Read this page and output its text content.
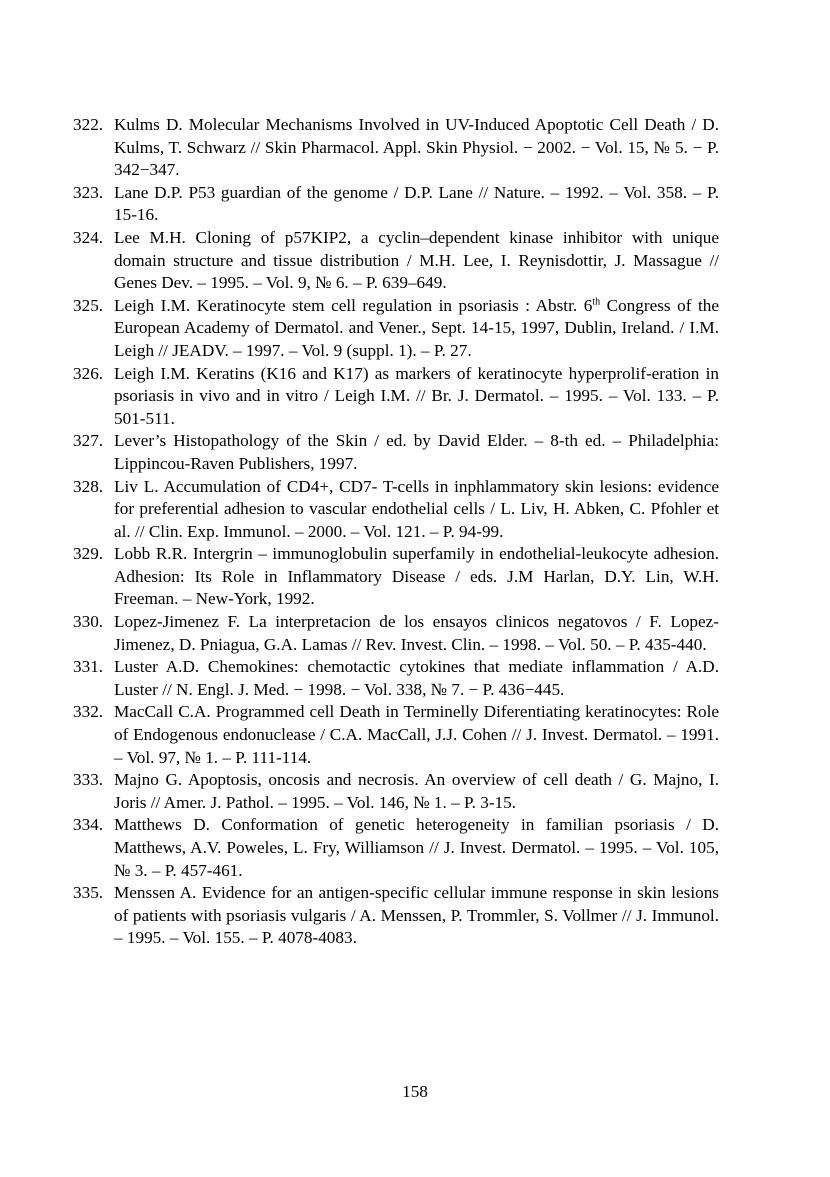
322. Kulms D. Molecular Mechanisms Involved in UV-Induced Apoptotic Cell Death / D. Kulms, T. Schwarz // Skin Pharmacol. Appl. Skin Physiol. − 2002. − Vol. 15, № 5. − P. 342−347.
323. Lane D.P. P53 guardian of the genome / D.P. Lane // Nature. – 1992. – Vol. 358. – P. 15-16.
324. Lee M.H. Cloning of p57KIP2, a cyclin–dependent kinase inhibitor with unique domain structure and tissue distribution / M.H. Lee, I. Reynisdottir, J. Massague // Genes Dev. – 1995. – Vol. 9, № 6. – P. 639–649.
325. Leigh I.M. Keratinocyte stem cell regulation in psoriasis : Abstr. 6th Congress of the European Academy of Dermatol. and Vener., Sept. 14-15, 1997, Dublin, Ireland. / I.M. Leigh // JEADV. – 1997. – Vol. 9 (suppl. 1). – P. 27.
326. Leigh I.M. Keratins (K16 and K17) as markers of keratinocyte hyperprolif-eration in psoriasis in vivo and in vitro / Leigh I.M. // Br. J. Dermatol. – 1995. – Vol. 133. – P. 501-511.
327. Lever’s Histopathology of the Skin / ed. by David Elder. – 8-th ed. – Philadelphia: Lippincou-Raven Publishers, 1997.
328. Liv L. Accumulation of CD4+, CD7- T-cells in inphlammatory skin lesions: evidence for preferential adhesion to vascular endothelial cells / L. Liv, H. Abken, C. Pfohler et al. // Clin. Exp. Immunol. – 2000. – Vol. 121. – P. 94-99.
329. Lobb R.R. Intergrin – immunoglobulin superfamily in endothelial-leukocyte adhesion. Adhesion: Its Role in Inflammatory Disease / eds. J.M Harlan, D.Y. Lin, W.H. Freeman. – New-York, 1992.
330. Lopez-Jimenez F. La interpretacion de los ensayos clinicos negatovos / F. Lopez-Jimenez, D. Pniagua, G.A. Lamas // Rev. Invest. Clin. – 1998. – Vol. 50. – P. 435-440.
331. Luster A.D. Chemokines: chemotactic cytokines that mediate inflammation / A.D. Luster // N. Engl. J. Med. − 1998. − Vol. 338, № 7. − P. 436−445.
332. MacCall C.A. Programmed cell Death in Terminelly Diferentiating keratinocytes: Role of Endogenous endonuclease / C.A. MacCall, J.J. Cohen // J. Invest. Dermatol. – 1991. – Vol. 97, № 1. – P. 111-114.
333. Majno G. Apoptosis, oncosis and necrosis. An overview of cell death / G. Majno, I. Joris // Amer. J. Pathol. – 1995. – Vol. 146, № 1. – P. 3-15.
334. Matthews D. Conformation of genetic heterogeneity in familian psoriasis / D. Matthews, A.V. Poweles, L. Fry, Williamson // J. Invest. Dermatol. – 1995. – Vol. 105, № 3. – P. 457-461.
335. Menssen A. Evidence for an antigen-specific cellular immune response in skin lesions of patients with psoriasis vulgaris / A. Menssen, P. Trommler, S. Vollmer // J. Immunol. – 1995. – Vol. 155. – P. 4078-4083.
158
